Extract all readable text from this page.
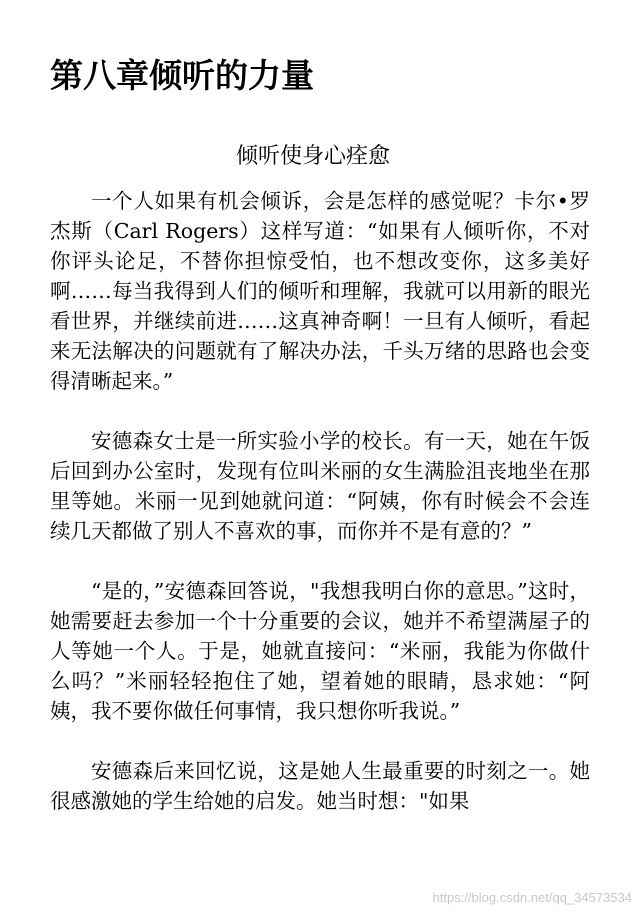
第八章倾听的力量
倾听使身心痊愈

一个人如果有机会倾诉，会是怎样的感觉呢？卡尔•罗杰斯（Carl Rogers）这样写道：“如果有人倾听你，不对你评头论足，不替你担惊受怕，也不想改变你，这多美好啊……每当我得到人们的倾听和理解，我就可以用新的眼光看世界，并继续前进……这真神奇啊！一旦有人倾听，看起来无法解决的问题就有了解决办法，千头万绪的思路也会变得清晰起来。”

安德森女士是一所实验小学的校长。有一天，她在午饭后回到办公室时，发现有位叫米丽的女生满脸沮丧地坐在那里等她。米丽一见到她就问道：“阿姨，你有时候会不会连续几天都做了别人不喜欢的事，而你并不是有意的？”

“是的，”安德森回答说，"我想我明白你的意思。”这时，她需要赶去参加一个十分重要的会议，她并不希望满屋子的人等她一个人。于是，她就直接问：“米丽，我能为你做什么吗？”米丽轻轻抱住了她，望着她的眼睛，恳求她：“阿姨，我不要你做任何事情，我只想你听我说。”

安德森后来回忆说，这是她人生最重要的时刻之一。她很感激她的学生给她的启发。她当时想："如果

https://blog.csdn.net/qq_34573534
